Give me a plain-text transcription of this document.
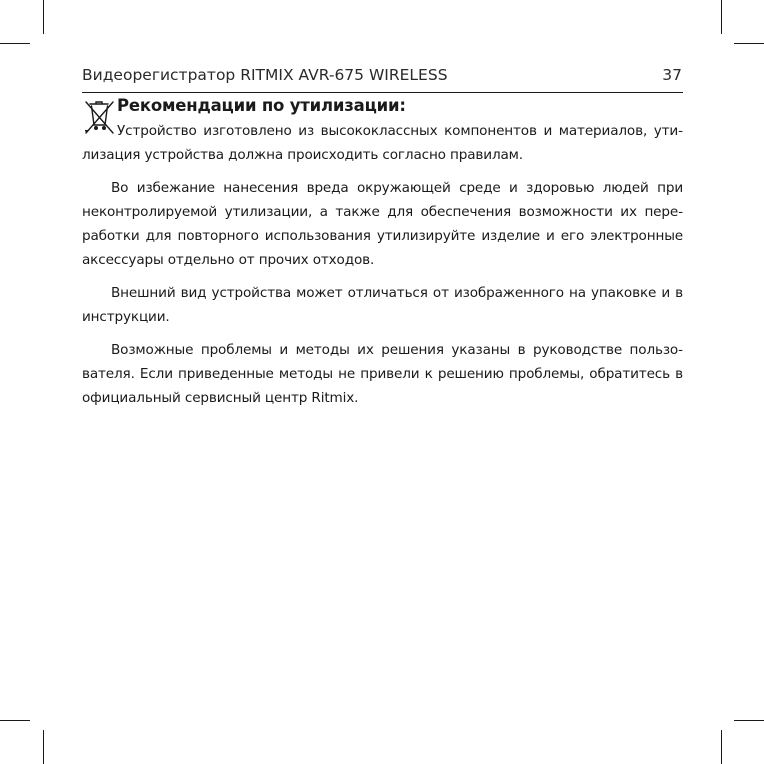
Видеорегистратор RITMIX AVR-675 WIRELESS	37
Рекомендации по утилизации:

Устройство изготовлено из высококлассных компонентов и материалов, утилизация устройства должна происходить согласно правилам.

Во избежание нанесения вреда окружающей среде и здоровью людей при неконтролируемой утилизации, а также для обеспечения возможности их переработки для повторного использования утилизируйте изделие и его электронные аксессуары отдельно от прочих отходов.

Внешний вид устройства может отличаться от изображенного на упаковке и в инструкции.

Возможные проблемы и методы их решения указаны в руководстве пользователя. Если приведенные методы не привели к решению проблемы, обратитесь в официальный сервисный центр Ritmix.
